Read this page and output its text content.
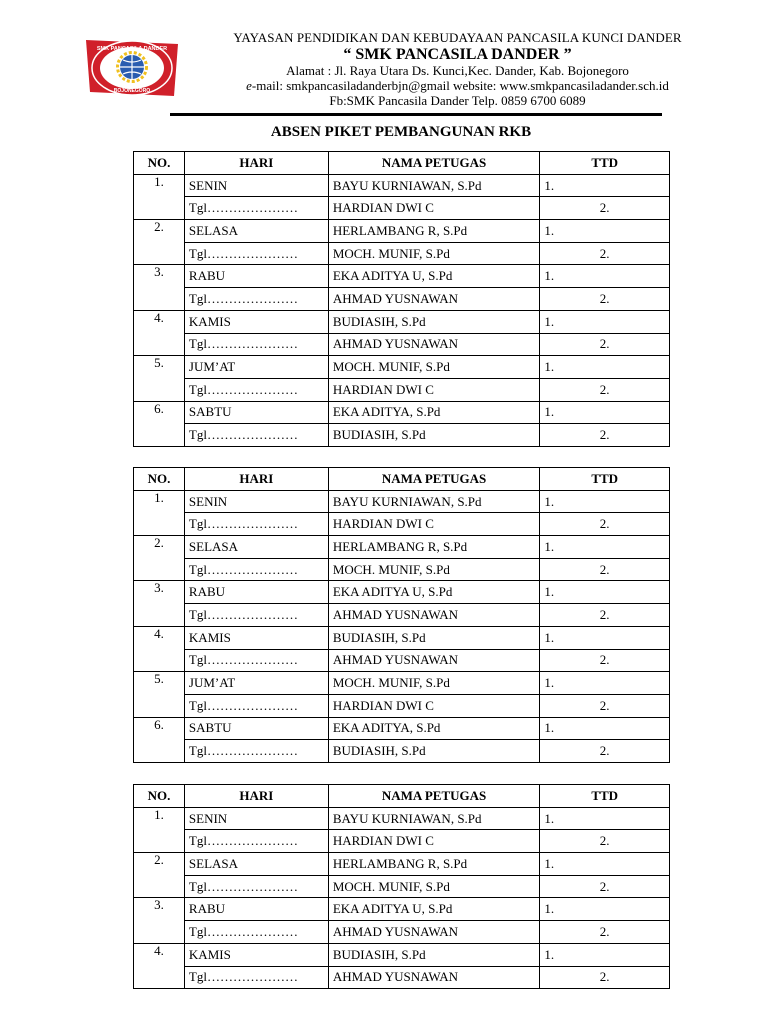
SMK PANCASILA DANDER
BOJONEGORO
YAYASAN PENDIDIKAN DAN KEBUDAYAAN PANCASILA KUNCI DANDER
“ SMK PANCASILA DANDER ”
Alamat : Jl. Raya Utara Ds. Kunci,Kec. Dander, Kab. Bojonegoro
e-mail: smkpancasiladanderbjn@gmail website: www.smkpancasiladander.sch.id
Fb:SMK Pancasila Dander Telp. 0859 6700 6089
ABSEN PIKET PEMBANGUNAN RKB
NO.	HARI	NAMA PETUGAS	TTD
1.	SENIN	BAYU KURNIAWAN, S.Pd	1.
	Tgl…………………	HARDIAN DWI C	2.
2.	SELASA	HERLAMBANG R, S.Pd	1.
	Tgl…………………	MOCH. MUNIF, S.Pd	2.
3.	RABU	EKA ADITYA U, S.Pd	1.
	Tgl…………………	AHMAD YUSNAWAN	2.
4.	KAMIS	BUDIASIH, S.Pd	1.
	Tgl…………………	AHMAD YUSNAWAN	2.
5.	JUM’AT	MOCH. MUNIF, S.Pd	1.
	Tgl…………………	HARDIAN DWI C	2.
6.	SABTU	EKA ADITYA, S.Pd	1.
	Tgl…………………	BUDIASIH, S.Pd	2.
NO.	HARI	NAMA PETUGAS	TTD
1.	SENIN	BAYU KURNIAWAN, S.Pd	1.
	Tgl…………………	HARDIAN DWI C	2.
2.	SELASA	HERLAMBANG R, S.Pd	1.
	Tgl…………………	MOCH. MUNIF, S.Pd	2.
3.	RABU	EKA ADITYA U, S.Pd	1.
	Tgl…………………	AHMAD YUSNAWAN	2.
4.	KAMIS	BUDIASIH, S.Pd	1.
	Tgl…………………	AHMAD YUSNAWAN	2.
5.	JUM’AT	MOCH. MUNIF, S.Pd	1.
	Tgl…………………	HARDIAN DWI C	2.
6.	SABTU	EKA ADITYA, S.Pd	1.
	Tgl…………………	BUDIASIH, S.Pd	2.
NO.	HARI	NAMA PETUGAS	TTD
1.	SENIN	BAYU KURNIAWAN, S.Pd	1.
	Tgl…………………	HARDIAN DWI C	2.
2.	SELASA	HERLAMBANG R, S.Pd	1.
	Tgl…………………	MOCH. MUNIF, S.Pd	2.
3.	RABU	EKA ADITYA U, S.Pd	1.
	Tgl…………………	AHMAD YUSNAWAN	2.
4.	KAMIS	BUDIASIH, S.Pd	1.
	Tgl…………………	AHMAD YUSNAWAN	2.
